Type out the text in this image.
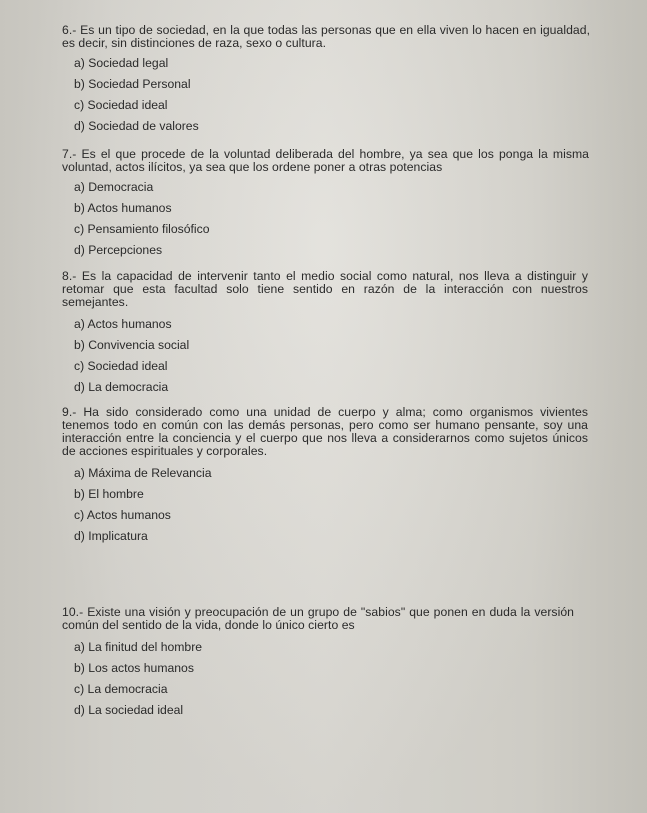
6.- Es un tipo de sociedad, en la que todas las personas que en ella viven lo hacen en igualdad, es decir, sin distinciones de raza, sexo o cultura.

a) Sociedad legal
b) Sociedad Personal
c) Sociedad ideal
d) Sociedad de valores

7.- Es el que procede de la voluntad deliberada del hombre, ya sea que los ponga la misma voluntad, actos ilícitos, ya sea que los ordene poner a otras potencias

a) Democracia
b) Actos humanos
c) Pensamiento filosófico
d) Percepciones

8.- Es la capacidad de intervenir tanto el medio social como natural, nos lleva a distinguir y retomar que esta facultad solo tiene sentido en razón de la interacción con nuestros semejantes.

a) Actos humanos
b) Convivencia social
c) Sociedad ideal
d) La democracia

9.- Ha sido considerado como una unidad de cuerpo y alma; como organismos vivientes tenemos todo en común con las demás personas, pero como ser humano pensante, soy una interacción entre la conciencia y el cuerpo que nos lleva a considerarnos como sujetos únicos de acciones espirituales y corporales.

a) Máxima de Relevancia
b) El hombre
c) Actos humanos
d) Implicatura

10.- Existe una visión y preocupación de un grupo de "sabios" que ponen en duda la versión común del sentido de la vida, donde lo único cierto es

a) La finitud del hombre
b) Los actos humanos
c) La democracia
d) La sociedad ideal
